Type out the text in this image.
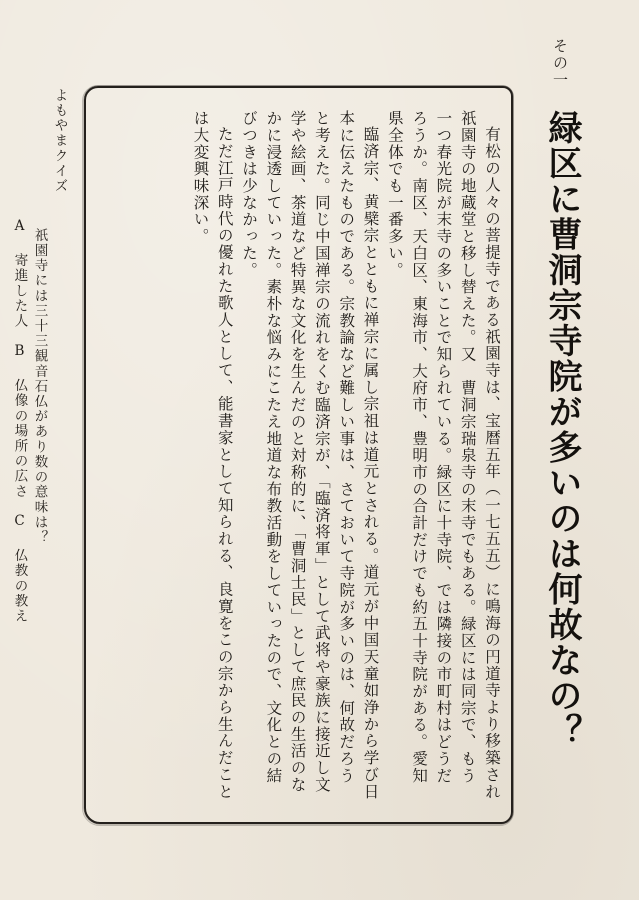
その一
緑区に曹洞宗寺院が多いのは何故なの？

有松の人々の菩提寺である祇園寺は、宝暦五年（一七五五）に鳴海の円道寺より移築され祇園寺の地蔵堂と移し替えた。又　曹洞宗瑞泉寺の末寺でもある。緑区には同宗で、もう一つ春光院が末寺の多いことで知られている。緑区に十寺院、では隣接の市町村はどうだろうか。南区、天白区、東海市、大府市、豊明市の合計だけでも約五十寺院がある。愛知県全体でも一番多い。

臨済宗、黄檗宗とともに禅宗に属し宗祖は道元とされる。道元が中国天童如浄から学び日本に伝えたものである。宗教論など難しい事は、さておいて寺院が多いのは、何故だろうと考えた。同じ中国禅宗の流れをくむ臨済宗が、「臨済将軍」として武将や豪族に接近し文学や絵画、茶道など特異な文化を生んだのと対称的に、「曹洞士民」として庶民の生活のなかに浸透していった。素朴な悩みにこたえ地道な布教活動をしていったので、文化との結びつきは少なかった。

ただ江戸時代の優れた歌人として、能書家として知られる、良寛をこの宗から生んだことは大変興味深い。

よもやまクイズ
祇園寺には三十三観音石仏があり数の意味は？
A 寄進した人B 仏像の場所の広さC 仏教の教え
